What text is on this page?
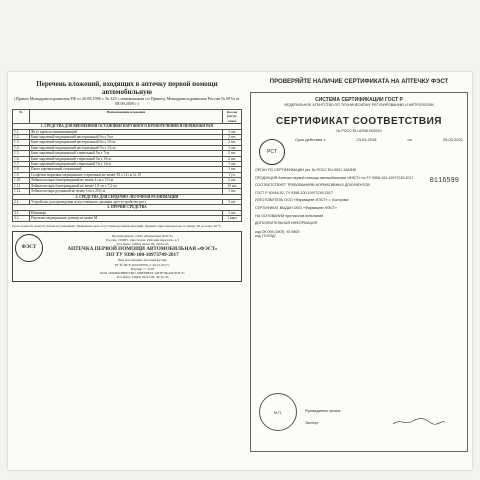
Перечень вложений, входящих в аптечку первой помощи автомобильную
(Приказ Минздравсоцразвития РФ от 20.08.1996 г. № 325 с изменениями по Приказу Минздравсоцразвития России № 697н от 08.09.2009 г.)
№	Наименование вложения	Кол-во (штук/упак)
1. СРЕДСТВА ДЛЯ ВРЕМЕННОЙ ОСТАНОВКИ НАРУЖНОГО КРОВОТЕЧЕНИЯ И ПЕРЕВЯЗКИ РАН		
1.1.	Жгут кровоостанавливающий	1 шт.
1.2.	Бинт марлевый медицинский нестерильный 5м х 5см	2 шт.
1.3.	Бинт марлевый медицинский нестерильный 5м х 10 см	2 шт.
1.4.	Бинт марлевый медицинский нестерильный 7м х 14 см	1 шт.
1.5.	Бинт марлевый медицинский стерильный 5м х 7см	2 шт.
1.6.	Бинт марлевый медицинский стерильный 5м х 10см	2 шт.
1.7.	Бинт марлевый медицинский стерильный 7м х 14см	1 шт.
1.8.	Пакет перевязочный стерильный	1 шт.
1.9.	Салфетки марлевые медицинские стерильные не менее 16 х 14 см № 10	1 уп.
1.10.	Лейкопластырь бактерицидный не менее 4 см х 10 см	2 шт.
1.11.	Лейкопластырь бактерицидный не менее 1,9 см х 7,2 см	10 шт.
1.12.	Лейкопластырь рулонный не менее 1см х 250 см	1 шт.
2. СРЕДСТВА ДЛЯ СЕРДЕЧНО-ЛЕГОЧНОЙ РЕАНИМАЦИИ		
2.1.	Устройство для проведения искусственного дыхания «рот-устройство-рот»	1 шт.
3. ПРОЧИЕ СРЕДСТВА		
3.1.	Ножницы	1 шт.
3.2.	Перчатки медицинские, размер не менее М	1 пара
Срок годности средств указан на упаковках. Применять при отсутствии противопоказаний. Хранить при температуре от минус 40 до плюс 40 °С.
ФЭСТ
Производитель: ООО «Фармацевт-ФЭСТ»
Россия, 156005, г.Кострома, Рабочий переулок, д.5
Тел./факс: (4942) 49-02-99, 49-32-43
АПТЕЧКА ПЕРВОЙ ПОМОЩИ АВТОМОБИЛЬНАЯ «ФЭСТ»
ПО ТУ 9398-100-10973749-2017
Вид исполнения: жесткий футляр
РУ № ФСР 2010/06799 от 29.12.2017 г.
Партия: 7 / 1103
ООО «БОЛЬШИНСТВО ДОВЕРЯЕТ АПТЕЧКАМ ФЭСТ»
Тел./факс: (4942) 49-02-99, 49-32-43
ПРОВЕРЯЙТЕ НАЛИЧИЕ СЕРТИФИКАТА НА АПТЕЧКУ ФЭСТ
СИСТЕМА СЕРТИФИКАЦИИ ГОСТ Р
ФЕДЕРАЛЬНОЕ АГЕНТСТВО ПО ТЕХНИЧЕСКОМУ РЕГУЛИРОВАНИЮ И МЕТРОЛОГИИ
РСТ
СЕРТИФИКАТ СООТВЕТСТВИЯ
№ РОСС RU.АЯ46.Н02919
Срок действия с	23.04.2018	по	29.03.2021
0116599
ОРГАН ПО СЕРТИФИКАЦИИ рег. № РОСС RU.0001.10АЯ46
ПРОДУКЦИЯ Аптечка первой помощи автомобильная «ФЭСТ» по ТУ 9398-100-10973749-2017
СООТВЕТСТВУЕТ ТРЕБОВАНИЯМ НОРМАТИВНЫХ ДОКУМЕНТОВ
ГОСТ Р 50444-92, ТУ 9398-100-10973749-2017
ИЗГОТОВИТЕЛЬ ООО «Фармацевт-ФЭСТ», г. Кострома
СЕРТИФИКАТ ВЫДАН ООО «Фармацевт-ФЭСТ»
НА ОСНОВАНИИ протоколов испытаний
ДОПОЛНИТЕЛЬНАЯ ИНФОРМАЦИЯ
код ОК 005 (ОКП): 93 9800
код ТН ВЭД:
М.П.	Руководитель органа
Эксперт
